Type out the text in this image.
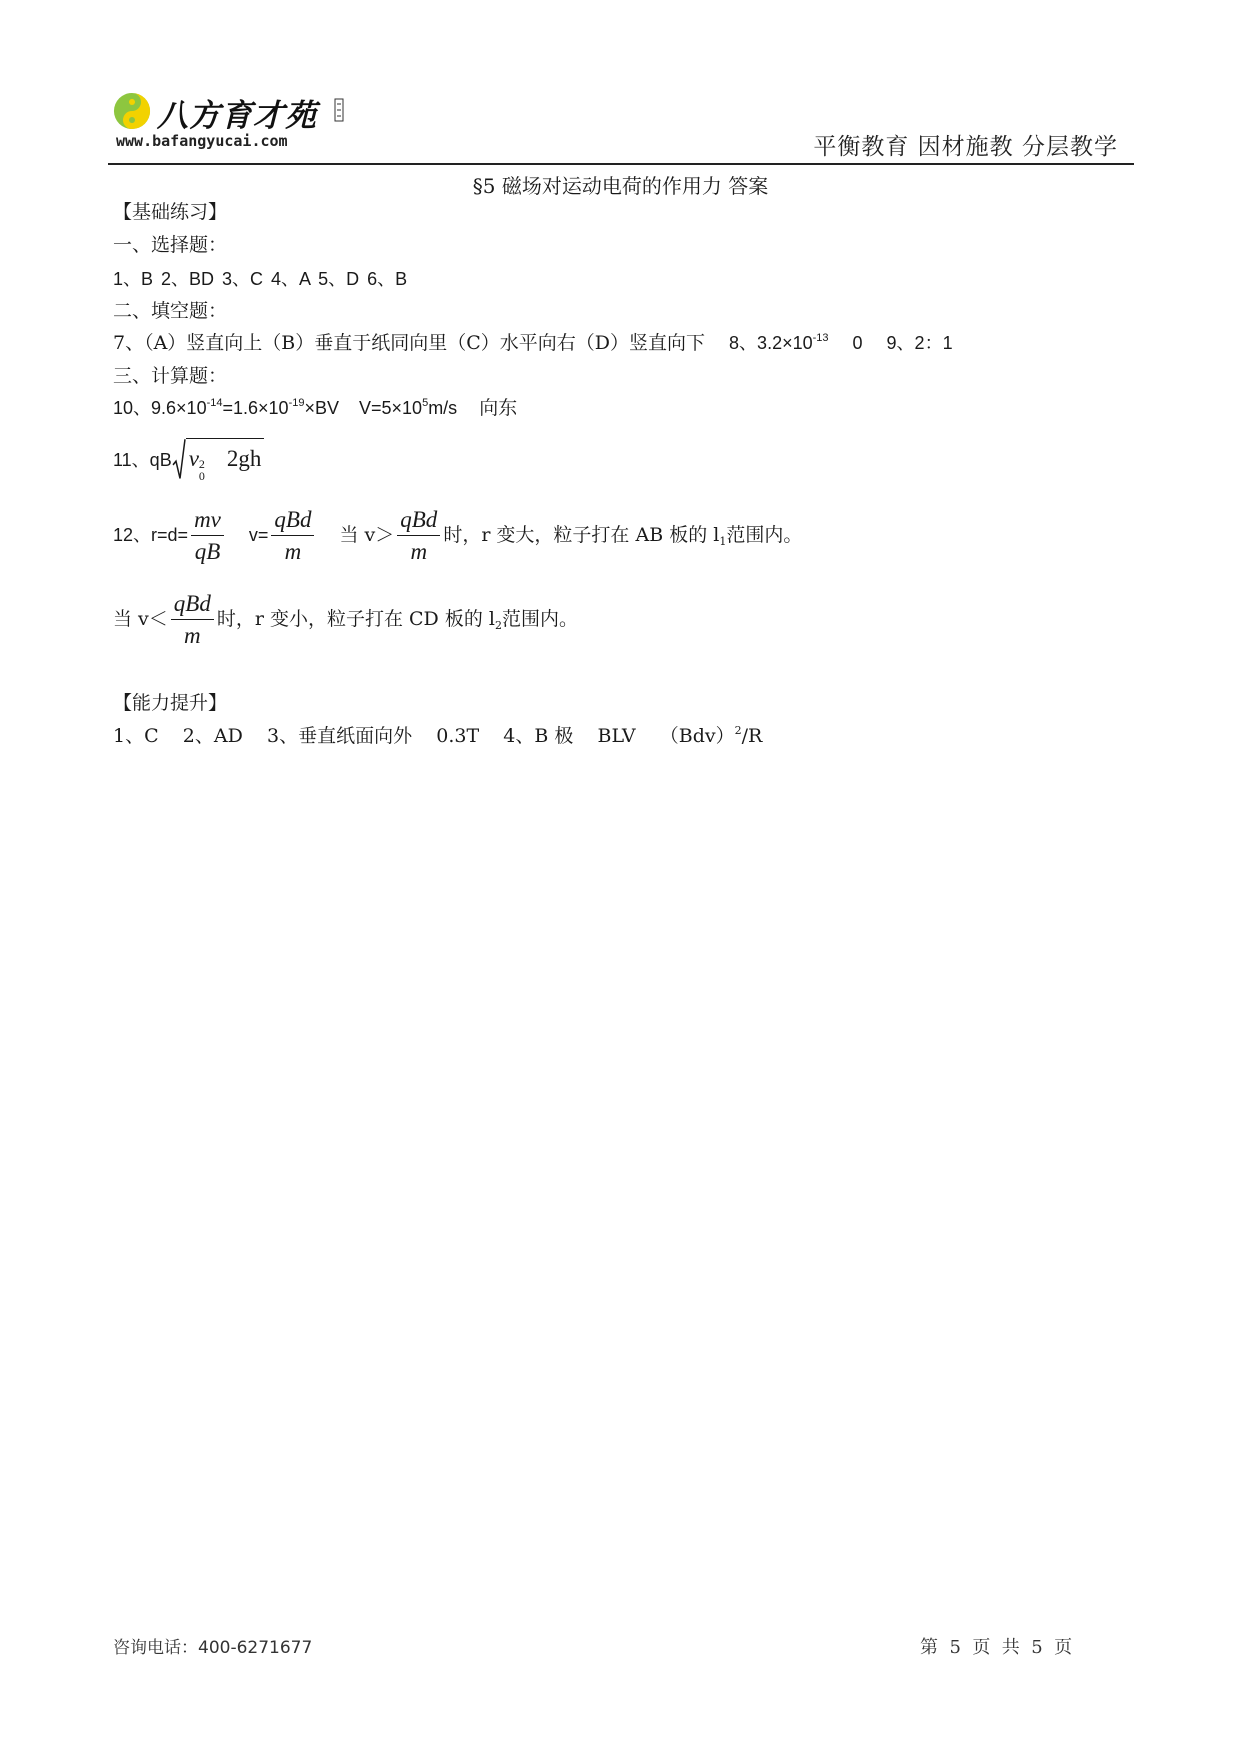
八方育才苑
www.bafangyucai.com	平衡教育 因材施教 分层教学
§5 磁场对运动电荷的作用力 答案
【基础练习】
一、选择题：
1、B 2、BD 3、C 4、A 5、D 6、B
二、填空题：
7、（A）竖直向上（B）垂直于纸同向里（C）水平向右（D）竖直向下 8、$3.2\times 10^{-13}$ 0 9、2：1
三、计算题：
10、$9.6\times 10^{-14}=1.6\times 10^{-19}\times BV$    $V=5\times 10^5m/s$ 向东
11、qB v 2
0
2gh
12、$r=d= \frac{mv}{qB} v= \frac{\text{qBd}}{m}$ 当 $v> \frac{\text{qBd}}{m}$ 时，r 变大，粒子打在 AB 板的 $l_1$范围内。
当 $v< \frac{\text{qBd}}{m}$ 时，r 变小，粒子打在 CD 板的 $l_2$范围内。
【能力提升】
1、C    2、AD    3、垂直纸面向外    0.3T    4、B 极    BLV    （Bdv）$^2$/R
咨询电话：400-6271677	第  5  页  共  5  页
